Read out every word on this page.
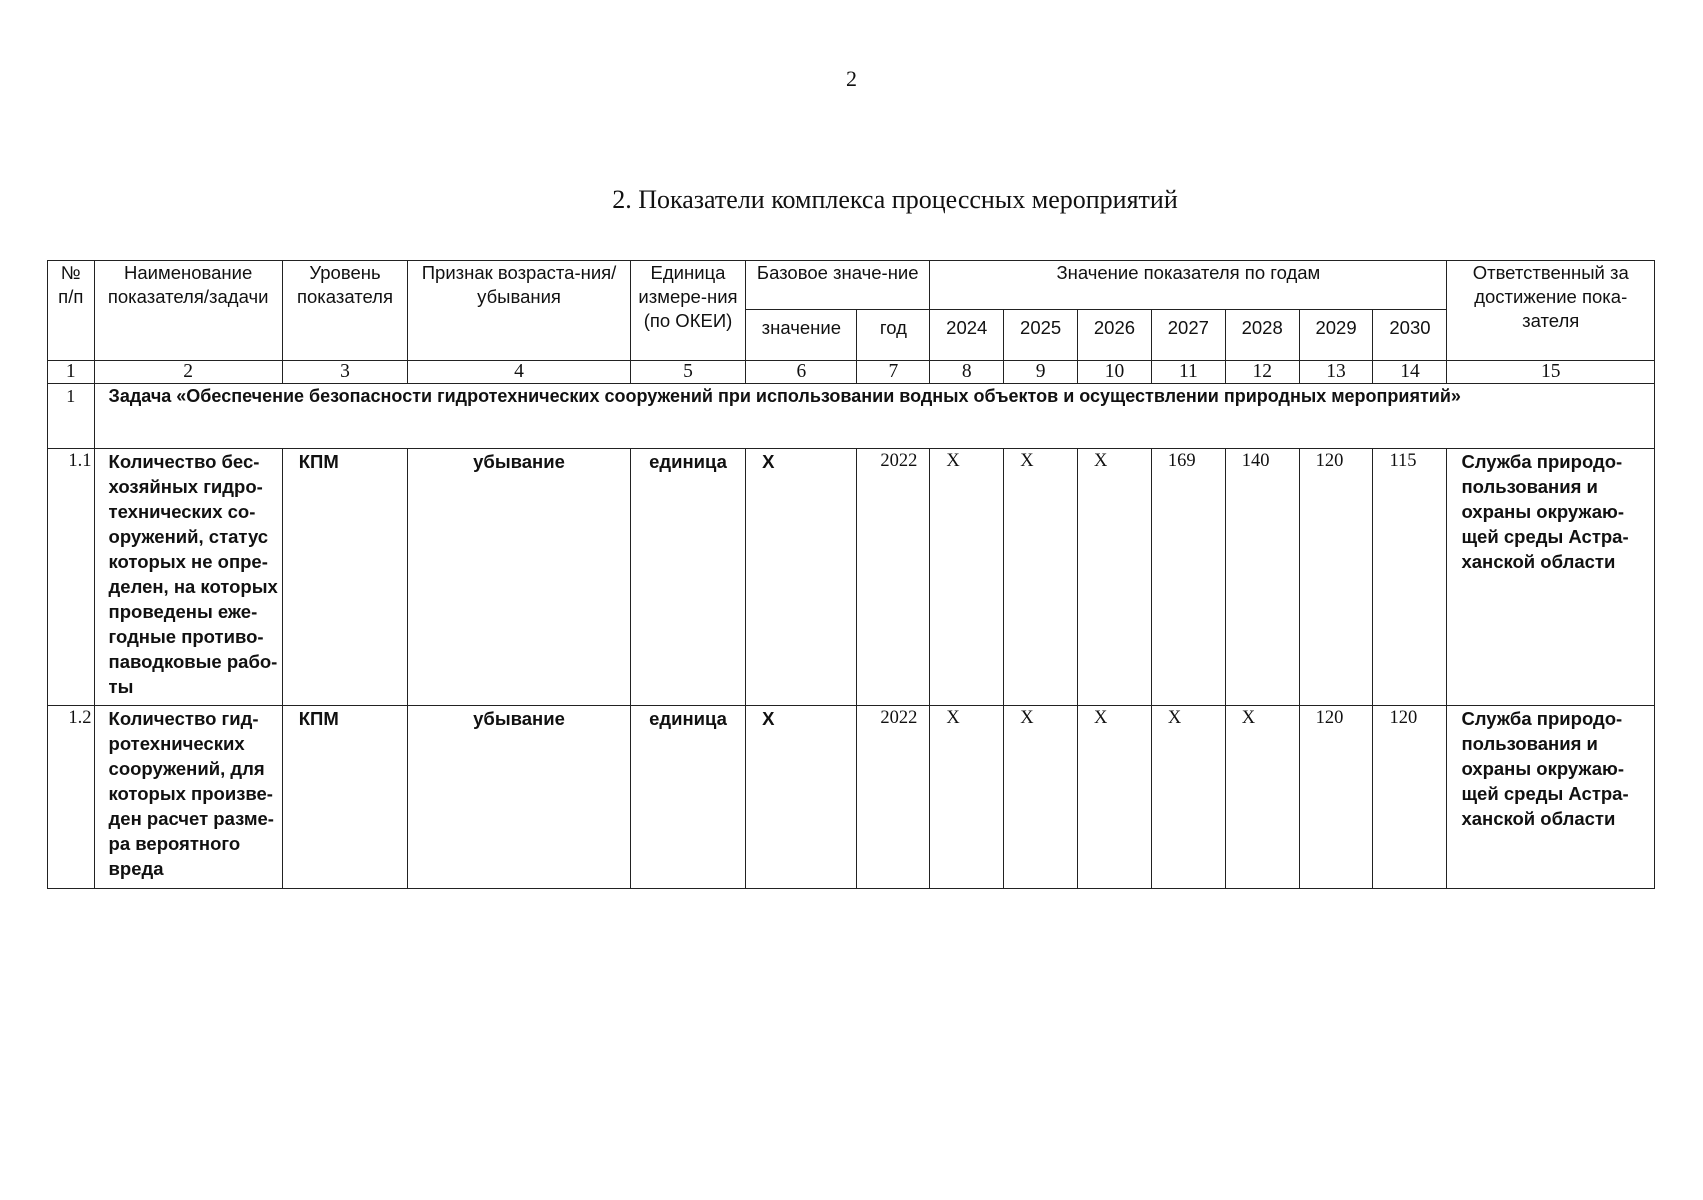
2
2. Показатели комплекса процессных мероприятий
№ п/п	Наименование показателя/задачи	Уровень показателя	Признак возраста-ния/убывания	Единица измере-ния (по ОКЕИ)	Базовое значе-ние		Значение показателя по годам							Ответственный за достижение пока-зателя
					значение	год	2024	2025	2026	2027	2028	2029	2030	
1	2	3	4	5	6	7	8	9	10	11	12	13	14	15
1	Задача «Обеспечение безопасности гидротехнических сооружений при использовании водных объектов и осуществлении природных мероприятий»													
1.1	Количество бес-хозяйных гидро-технических со-оружений, статус которых не опре-делен, на которых проведены еже-годные противо-паводковые рабо-ты	КПМ	убывание	единица	Х	2022	Х	Х	Х	169	140	120	115	Служба природо-пользования и охраны окружаю-щей среды Астра-ханской области
1.2	Количество гид-ротехнических сооружений, для которых произве-ден расчет разме-ра вероятного вреда	КПМ	убывание	единица	Х	2022	Х	Х	Х	Х	Х	120	120	Служба природо-пользования и охраны окружаю-щей среды Астра-ханской области
